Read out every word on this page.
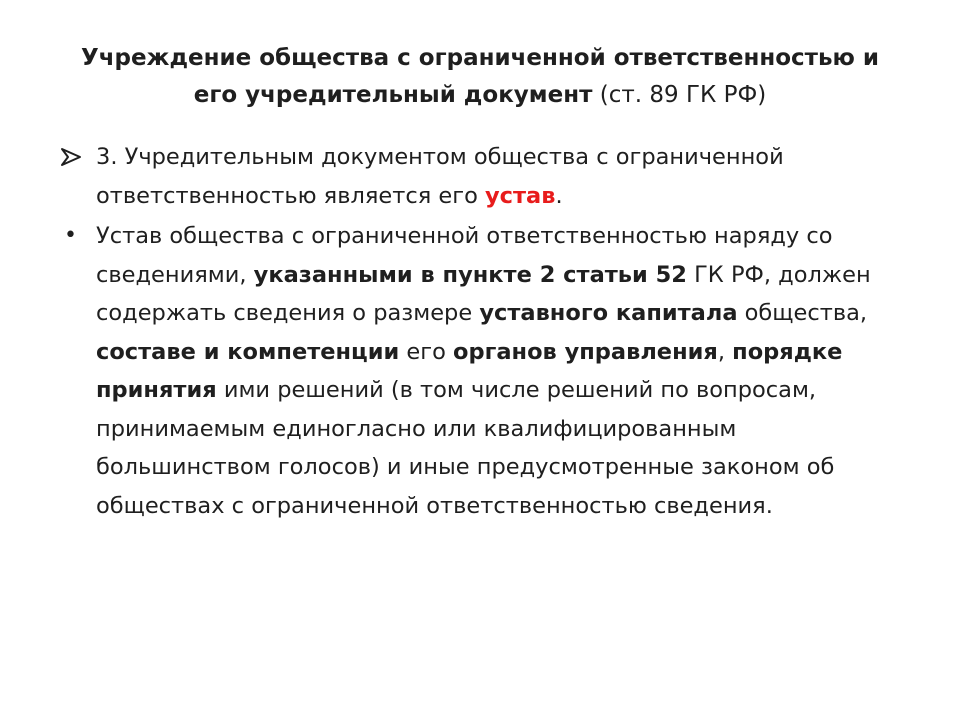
Учреждение общества с ограниченной ответственностью и
его учредительный документ (ст. 89 ГК РФ)
3. Учредительным документом общества с ограниченной ответственностью является его устав.
• Устав общества с ограниченной ответственностью наряду со сведениями, указанными в пункте 2 статьи 52 ГК РФ, должен содержать сведения о размере уставного капитала общества, составе и компетенции его органов управления, порядке принятия ими решений (в том числе решений по вопросам, принимаемым единогласно или квалифицированным большинством голосов) и иные предусмотренные законом об обществах с ограниченной ответственностью сведения.
